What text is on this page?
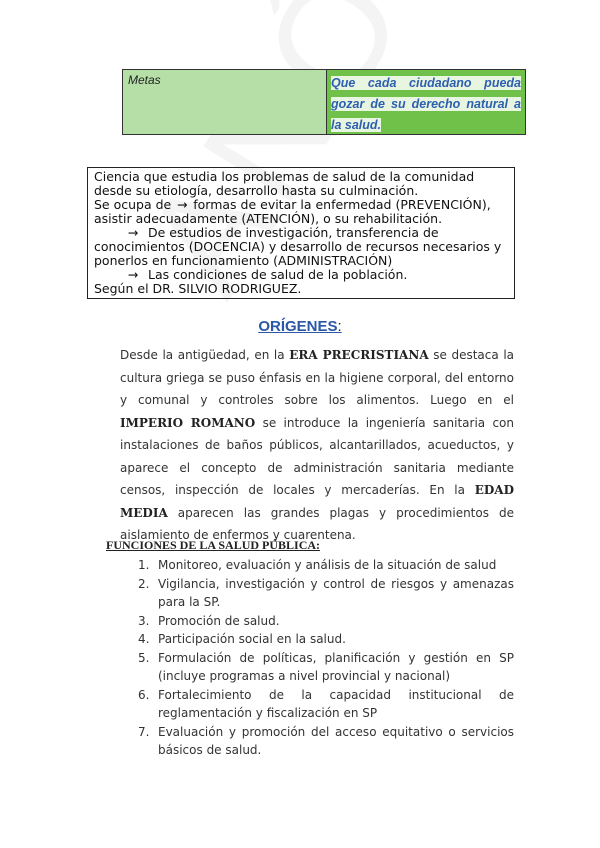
Metas	Que cada ciudadano pueda gozar de su derecho natural a la salud.

Ciencia que estudia los problemas de salud de la comunidad desde su etiología, desarrollo hasta su culminación.

Se ocupa de → formas de evitar la enfermedad (PREVENCIÓN), asistir adecuadamente (ATENCIÓN), o su rehabilitación.

→ De estudios de investigación, transferencia de conocimientos (DOCENCIA) y desarrollo de recursos necesarios y ponerlos en funcionamiento (ADMINISTRACIÓN)

→ Las condiciones de salud de la población.

Según el DR. SILVIO RODRIGUEZ.

ORÍGENES:
Desde la antigüedad, en la ERA PRECRISTIANA se destaca la cultura griega se puso énfasis en la higiene corporal, del entorno y comunal y controles sobre los alimentos. Luego en el IMPERIO ROMANO se introduce la ingeniería sanitaria con instalaciones de baños públicos, alcantarillados, acueductos, y aparece el concepto de administración sanitaria mediante censos, inspección de locales y mercaderías. En la EDAD MEDIA aparecen las grandes plagas y procedimientos de aislamiento de enfermos y cuarentena.
FUNCIONES DE LA SALUD PÚBLICA:
1. Monitoreo, evaluación y análisis de la situación de salud
2. Vigilancia, investigación y control de riesgos y amenazas para la SP.
3. Promoción de salud.
4. Participación social en la salud.
5. Formulación de políticas, planificación y gestión en SP (incluye programas a nivel provincial y nacional)
6. Fortalecimiento de la capacidad institucional de reglamentación y fiscalización en SP
7. Evaluación y promoción del acceso equitativo o servicios básicos de salud.
